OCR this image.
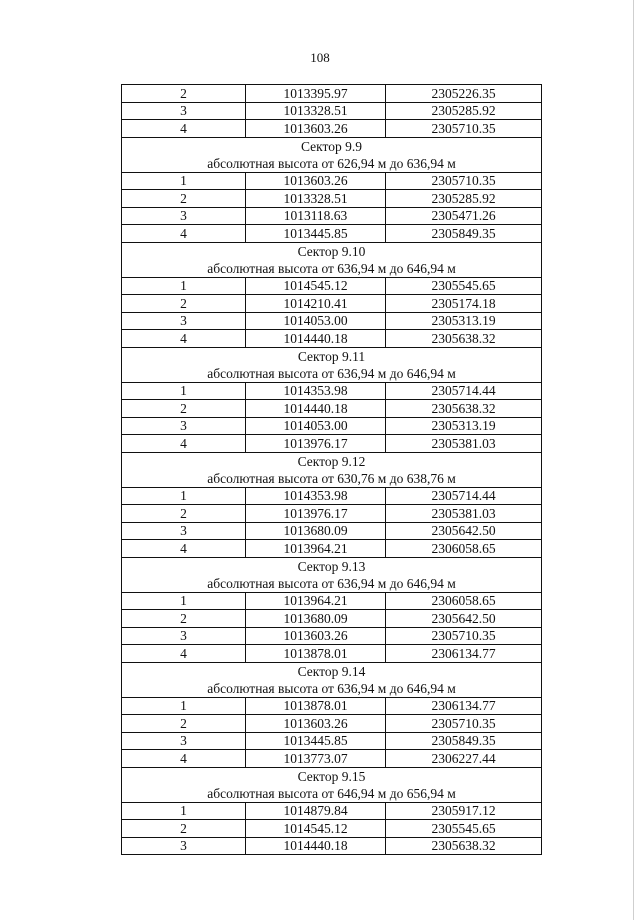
108
2	1013395.97	2305226.35
3	1013328.51	2305285.92
4	1013603.26	2305710.35

Сектор 9.9
абсолютная высота от 626,94 м до 636,94 м		

1	1013603.26	2305710.35
2	1013328.51	2305285.92
3	1013118.63	2305471.26
4	1013445.85	2305849.35

Сектор 9.10
абсолютная высота от 636,94 м до 646,94 м		

1	1014545.12	2305545.65
2	1014210.41	2305174.18
3	1014053.00	2305313.19
4	1014440.18	2305638.32

Сектор 9.11
абсолютная высота от 636,94 м до 646,94 м		

1	1014353.98	2305714.44
2	1014440.18	2305638.32
3	1014053.00	2305313.19
4	1013976.17	2305381.03

Сектор 9.12
абсолютная высота от 630,76 м до 638,76 м		

1	1014353.98	2305714.44
2	1013976.17	2305381.03
3	1013680.09	2305642.50
4	1013964.21	2306058.65

Сектор 9.13
абсолютная высота от 636,94 м до 646,94 м		

1	1013964.21	2306058.65
2	1013680.09	2305642.50
3	1013603.26	2305710.35
4	1013878.01	2306134.77

Сектор 9.14
абсолютная высота от 636,94 м до 646,94 м		

1	1013878.01	2306134.77
2	1013603.26	2305710.35
3	1013445.85	2305849.35
4	1013773.07	2306227.44

Сектор 9.15
абсолютная высота от 646,94 м до 656,94 м		

1	1014879.84	2305917.12
2	1014545.12	2305545.65
3	1014440.18	2305638.32
